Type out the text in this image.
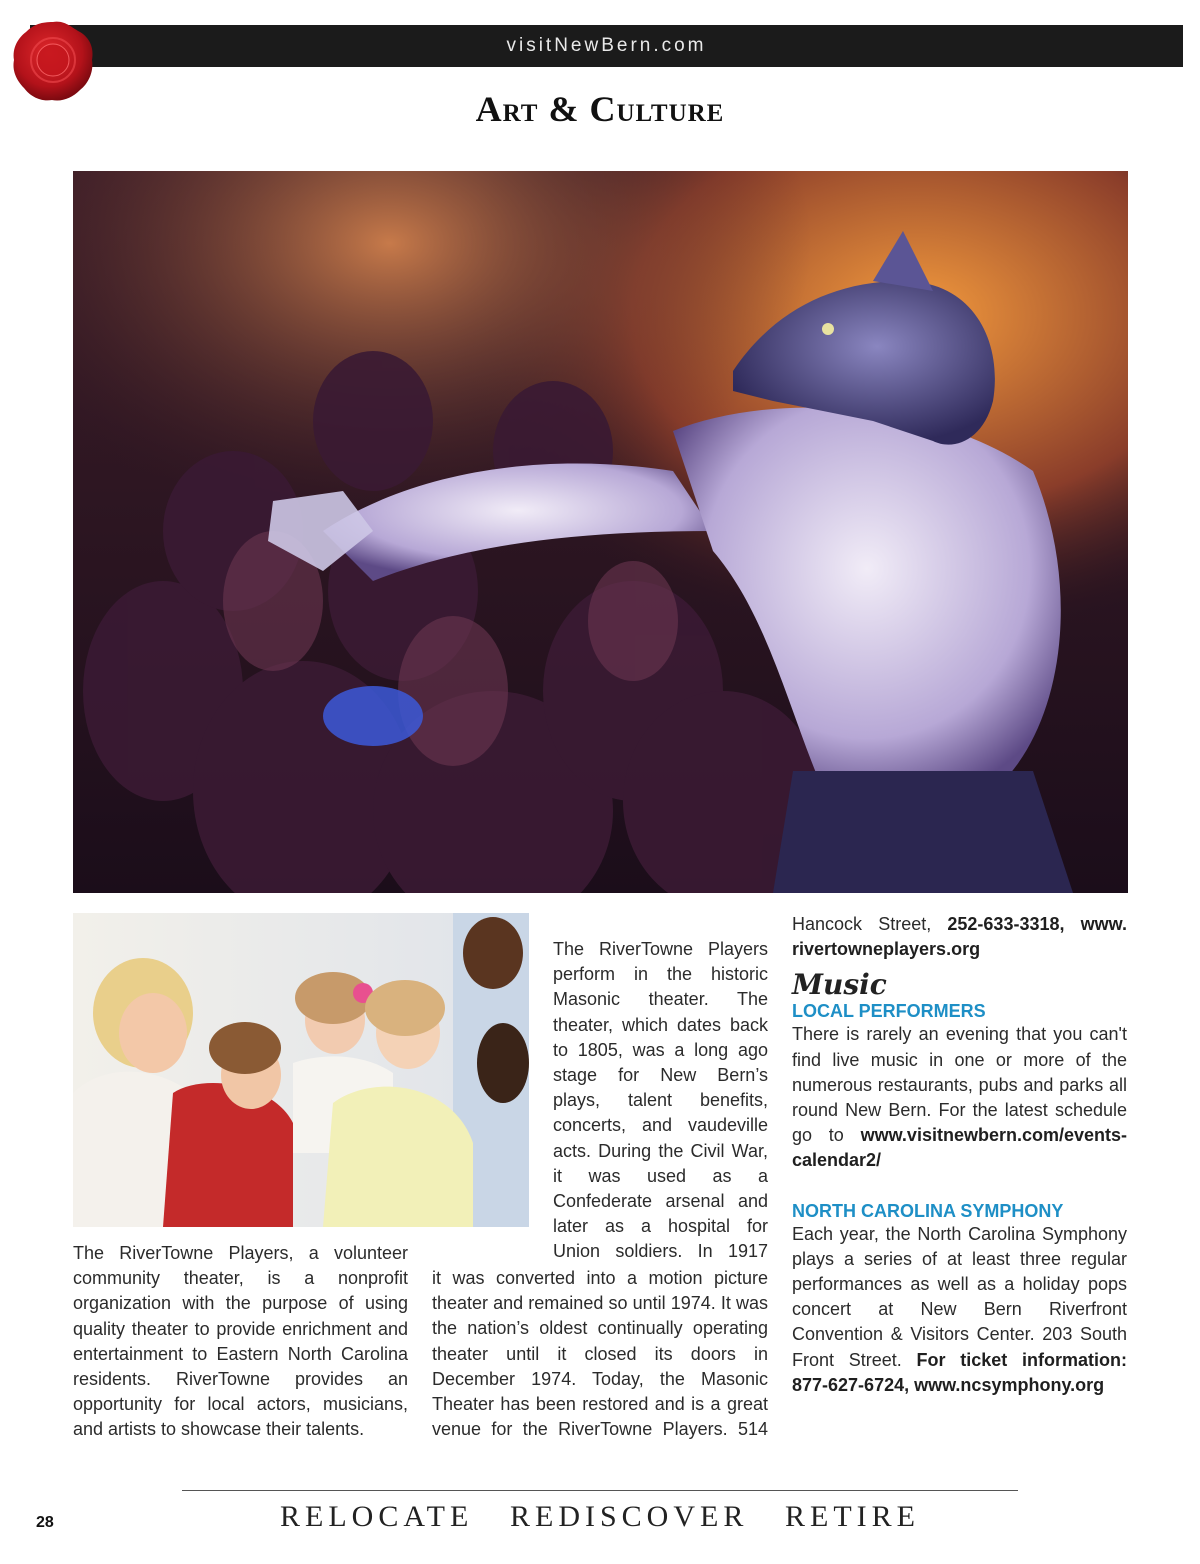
visitNewBern.com
Art & Culture

The RiverTowne Players, a volunteer community theater, is a nonprofit organization with the purpose of using quality theater to provide enrichment and entertainment to Eastern North Carolina residents. RiverTowne provides an opportunity for local actors, musicians, and artists to showcase their talents.

The RiverTowne Players perform in the historic Masonic theater. The theater, which dates back to 1805, was a long ago stage for New Bern’s plays, talent benefits, concerts, and vaudeville acts. During the Civil War, it was used as a Confederate arsenal and later as a hospital for Union soldiers. In 1917

it was converted into a motion picture theater and remained so until 1974. It was the nation’s oldest continually operating theater until it closed its doors in December 1974. Today, the Masonic Theater has been restored and is a great venue for the RiverTowne Players. 514

Hancock Street, 252-633-3318, www. rivertowneplayers.org

Music
LOCAL PERFORMERS

There is rarely an evening that you can't find live music in one or more of the numerous restaurants, pubs and parks all round New Bern. For the latest schedule go to www.visitnewbern.com/events-calendar2/

NORTH CAROLINA SYMPHONY

Each year, the North Carolina Symphony plays a series of at least three regular performances as well as a holiday pops concert at New Bern Riverfront Convention & Visitors Center. 203 South Front Street. For ticket information: 877-627-6724, www.ncsymphony.org

RELOCATE REDISCOVER RETIRE
28
